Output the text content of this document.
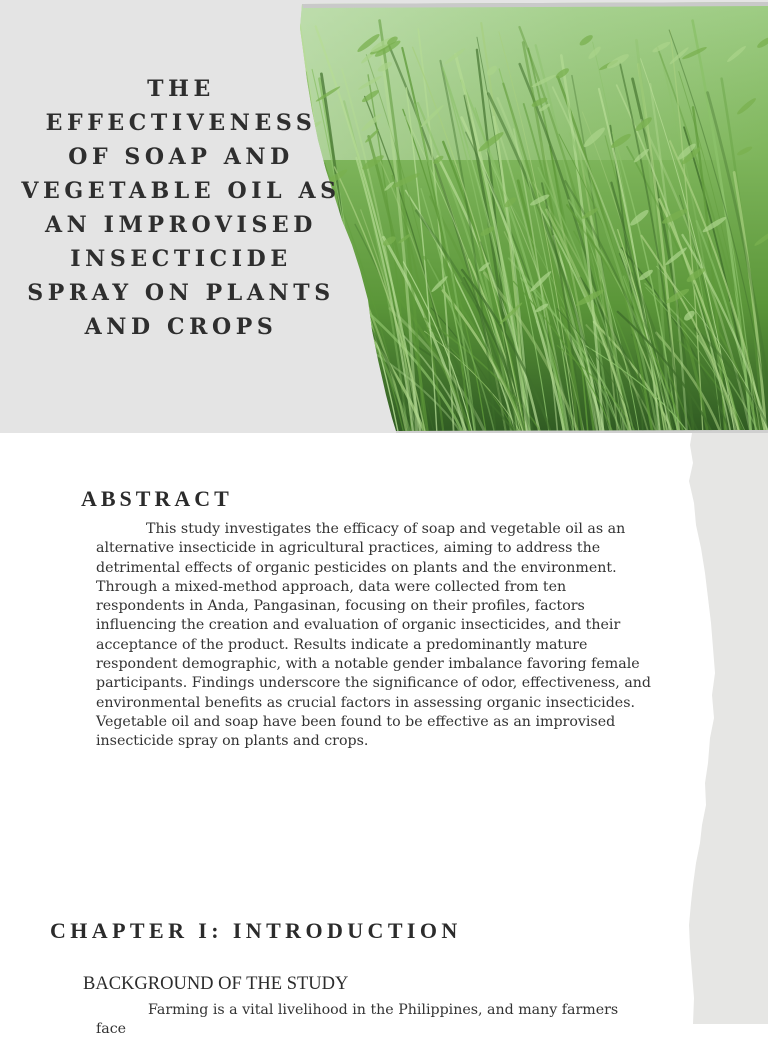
THE EFFECTIVENESS OF SOAP AND VEGETABLE OIL AS AN IMPROVISED INSECTICIDE SPRAY ON PLANTS AND CROPS

ABSTRACT

This study investigates the efficacy of soap and vegetable oil as an alternative insecticide in agricultural practices, aiming to address the detrimental effects of organic pesticides on plants and the environment. Through a mixed-method approach, data were collected from ten respondents in Anda, Pangasinan, focusing on their profiles, factors influencing the creation and evaluation of organic insecticides, and their acceptance of the product. Results indicate a predominantly mature respondent demographic, with a notable gender imbalance favoring female participants. Findings underscore the significance of odor, effectiveness, and environmental benefits as crucial factors in assessing organic insecticides. Vegetable oil and soap have been found to be effective as an improvised insecticide spray on plants and crops.

CHAPTER I: INTRODUCTION
BACKGROUND OF THE STUDY

Farming is a vital livelihood in the Philippines, and many farmers face
